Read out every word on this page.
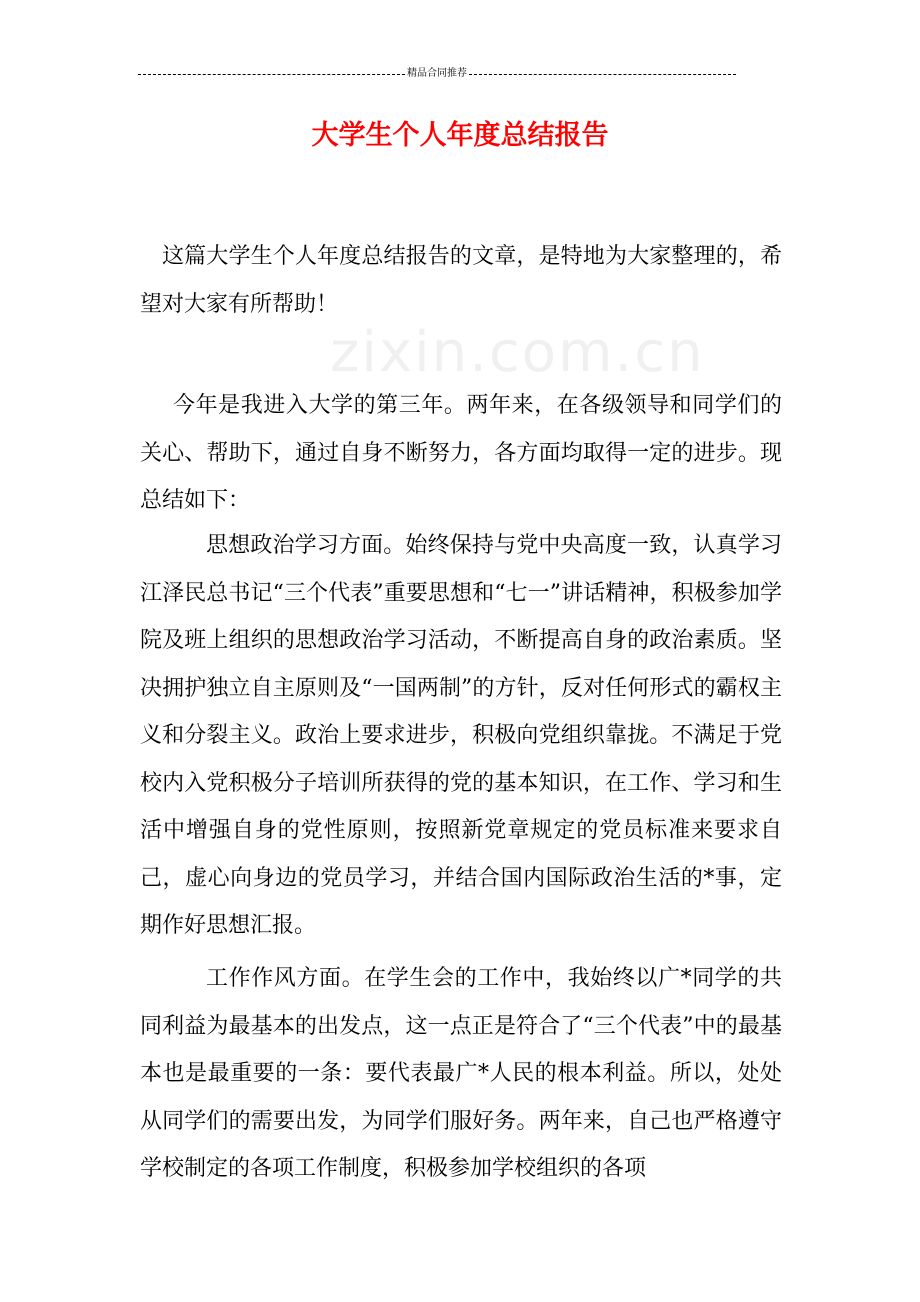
精品合同推荐
大学生个人年度总结报告
zixin.com.cn

这篇大学生个人年度总结报告的文章，是特地为大家整理的，希望对大家有所帮助！

今年是我进入大学的第三年。两年来，在各级领导和同学们的关心、帮助下，通过自身不断努力，各方面均取得一定的进步。现总结如下：

思想政治学习方面。始终保持与党中央高度一致，认真学习江泽民总书记“三个代表”重要思想和“七一”讲话精神，积极参加学院及班上组织的思想政治学习活动，不断提高自身的政治素质。坚决拥护独立自主原则及“一国两制”的方针，反对任何形式的霸权主义和分裂主义。政治上要求进步，积极向党组织靠拢。不满足于党校内入党积极分子培训所获得的党的基本知识，在工作、学习和生活中增强自身的党性原则，按照新党章规定的党员标准来要求自己，虚心向身边的党员学习，并结合国内国际政治生活的*事，定期作好思想汇报。

工作作风方面。在学生会的工作中，我始终以广*同学的共同利益为最基本的出发点，这一点正是符合了“三个代表”中的最基本也是最重要的一条：要代表最广*人民的根本利益。所以，处处从同学们的需要出发，为同学们服好务。两年来，自己也严格遵守学校制定的各项工作制度，积极参加学校组织的各项
